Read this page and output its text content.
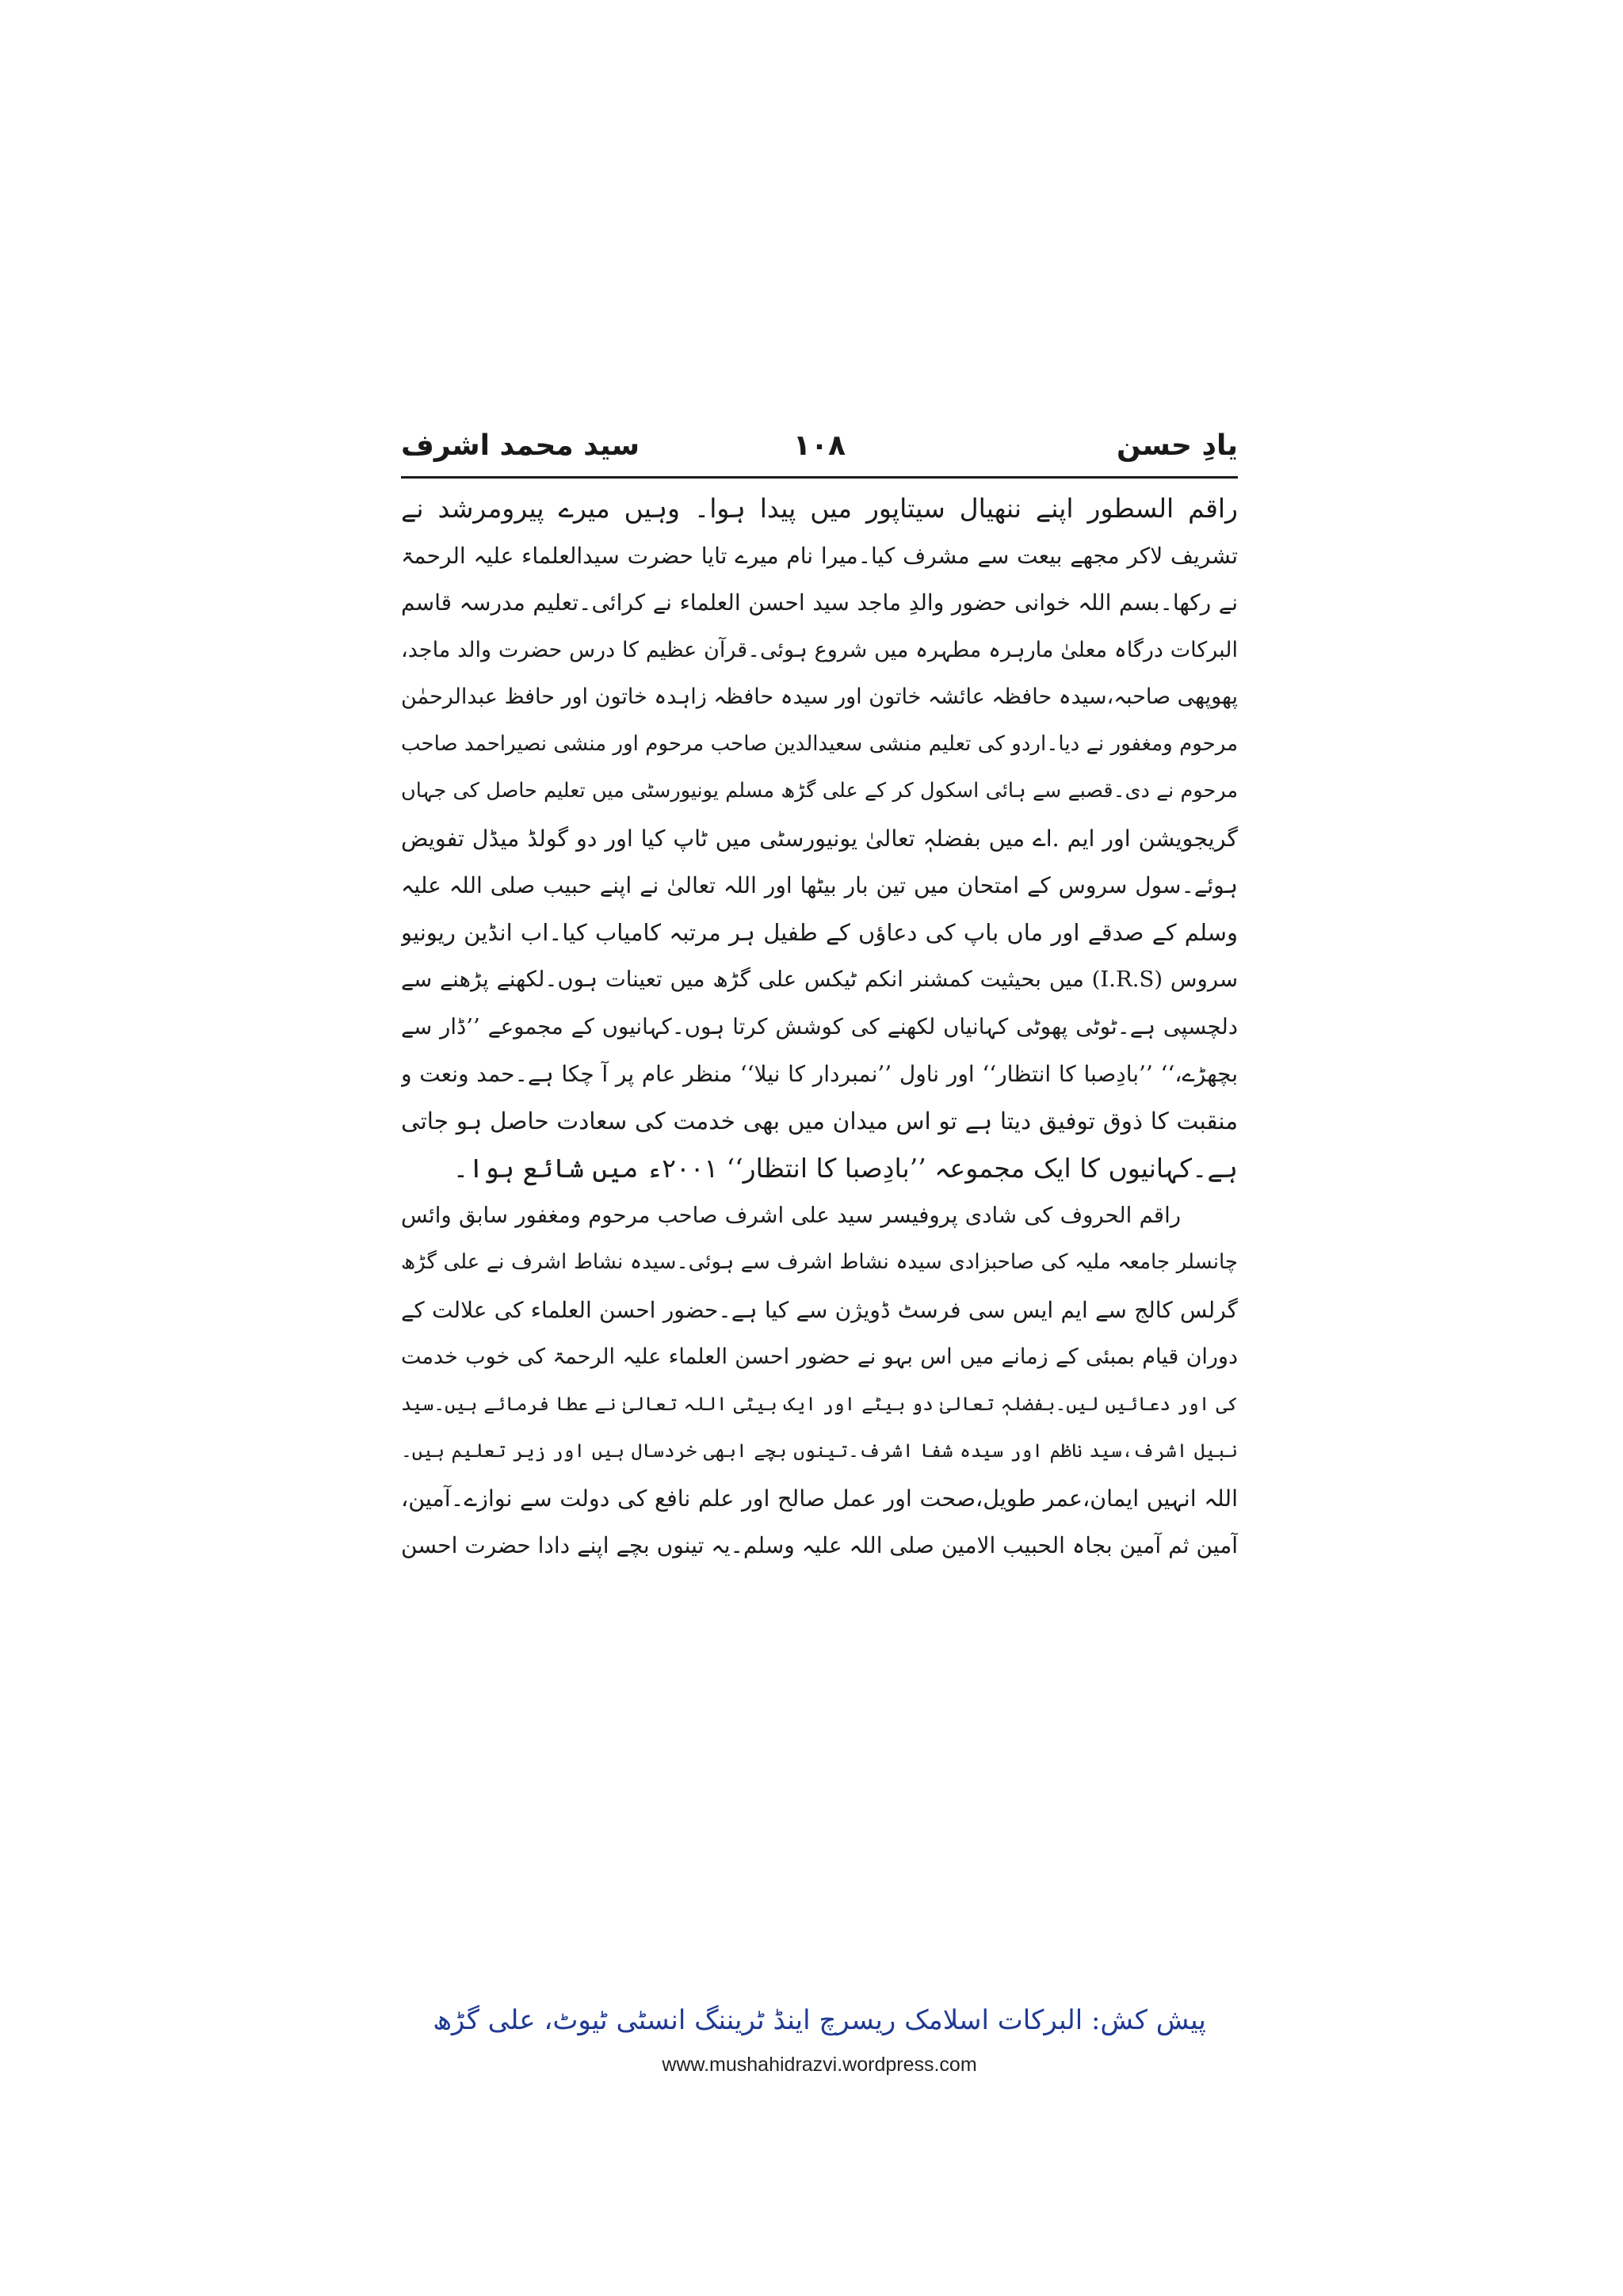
سید محمد اشرف	۱۰۸	یادِ حسن
راقم السطور اپنے ننھیال سیتاپور میں پیدا ہوا۔ وہیں میرے پیرومرشد نے
تشریف لاکر مجھے بیعت سے مشرف کیا۔میرا نام میرے تایا حضرت سیدالعلماء علیہ الرحمۃ
نے رکھا۔بسم اللہ خوانی حضور والدِ ماجد سید احسن العلماء نے کرائی۔تعلیم مدرسہ قاسم
البرکات درگاہ معلیٰ مارہرہ مطہرہ میں شروع ہوئی۔قرآن عظیم کا درس حضرت والد ماجد،
پھوپھی صاحبہ،سیدہ حافظہ عائشہ خاتون اور سیدہ حافظہ زاہدہ خاتون اور حافظ عبدالرحمٰن
مرحوم ومغفور نے دیا۔اردو کی تعلیم منشی سعیدالدین صاحب مرحوم اور منشی نصیراحمد صاحب
مرحوم نے دی۔قصبے سے ہائی اسکول کر کے علی گڑھ مسلم یونیورسٹی میں تعلیم حاصل کی جہاں
گریجویشن اور ایم .اے میں بفضلہٖ تعالیٰ یونیورسٹی میں ٹاپ کیا اور دو گولڈ میڈل تفویض
ہوئے۔سول سروس کے امتحان میں تین بار بیٹھا اور اللہ تعالیٰ نے اپنے حبیب صلی اللہ علیہ
وسلم کے صدقے اور ماں باپ کی دعاؤں کے طفیل ہر مرتبہ کامیاب کیا۔اب انڈین ریونیو
سروس (I.R.S) میں بحیثیت کمشنر انکم ٹیکس علی گڑھ میں تعینات ہوں۔لکھنے پڑھنے سے
دلچسپی ہے۔ٹوٹی پھوٹی کہانیاں لکھنے کی کوشش کرتا ہوں۔کہانیوں کے مجموعے ’’ڈار سے
بچھڑے،‘‘ ’’بادِصبا کا انتظار‘‘ اور ناول ’’نمبردار کا نیلا‘‘ منظر عام پر آ چکا ہے۔حمد ونعت و
منقبت کا ذوق توفیق دیتا ہے تو اس میدان میں بھی خدمت کی سعادت حاصل ہو جاتی
ہے۔کہانیوں کا ایک مجموعہ ’’بادِصبا کا انتظار‘‘ ۲۰۰۱ء میں شائع ہوا۔
راقم الحروف کی شادی پروفیسر سید علی اشرف صاحب مرحوم ومغفور سابق وائس
چانسلر جامعہ ملیہ کی صاحبزادی سیدہ نشاط اشرف سے ہوئی۔سیدہ نشاط اشرف نے علی گڑھ
گرلس کالج سے ایم ایس سی فرسٹ ڈویژن سے کیا ہے۔حضور احسن العلماء کی علالت کے
دوران قیام بمبئی کے زمانے میں اس بہو نے حضور احسن العلماء علیہ الرحمۃ کی خوب خدمت
کی اور دعائیں لیں۔بفضلہٖ تعالیٰ دو بیٹے اور ایک بیٹی اللہ تعالیٰ نے عطا فرمائے ہیں۔سید
نبیل اشرف،سید ناظم اور سیدہ شفا اشرف۔تینوں بچے ابھی خردسال ہیں اور زیر تعلیم ہیں۔
اللہ انہیں ایمان،عمر طویل،صحت اور عمل صالح اور علم نافع کی دولت سے نوازے۔آمین،
آمین ثم آمین بجاہ الحبیب الامین صلی اللہ علیہ وسلم۔یہ تینوں بچے اپنے دادا حضرت احسن
پیش کش: البرکات اسلامک ریسرچ اینڈ ٹریننگ انسٹی ٹیوٹ، علی گڑھ
www.mushahidrazvi.wordpress.com
